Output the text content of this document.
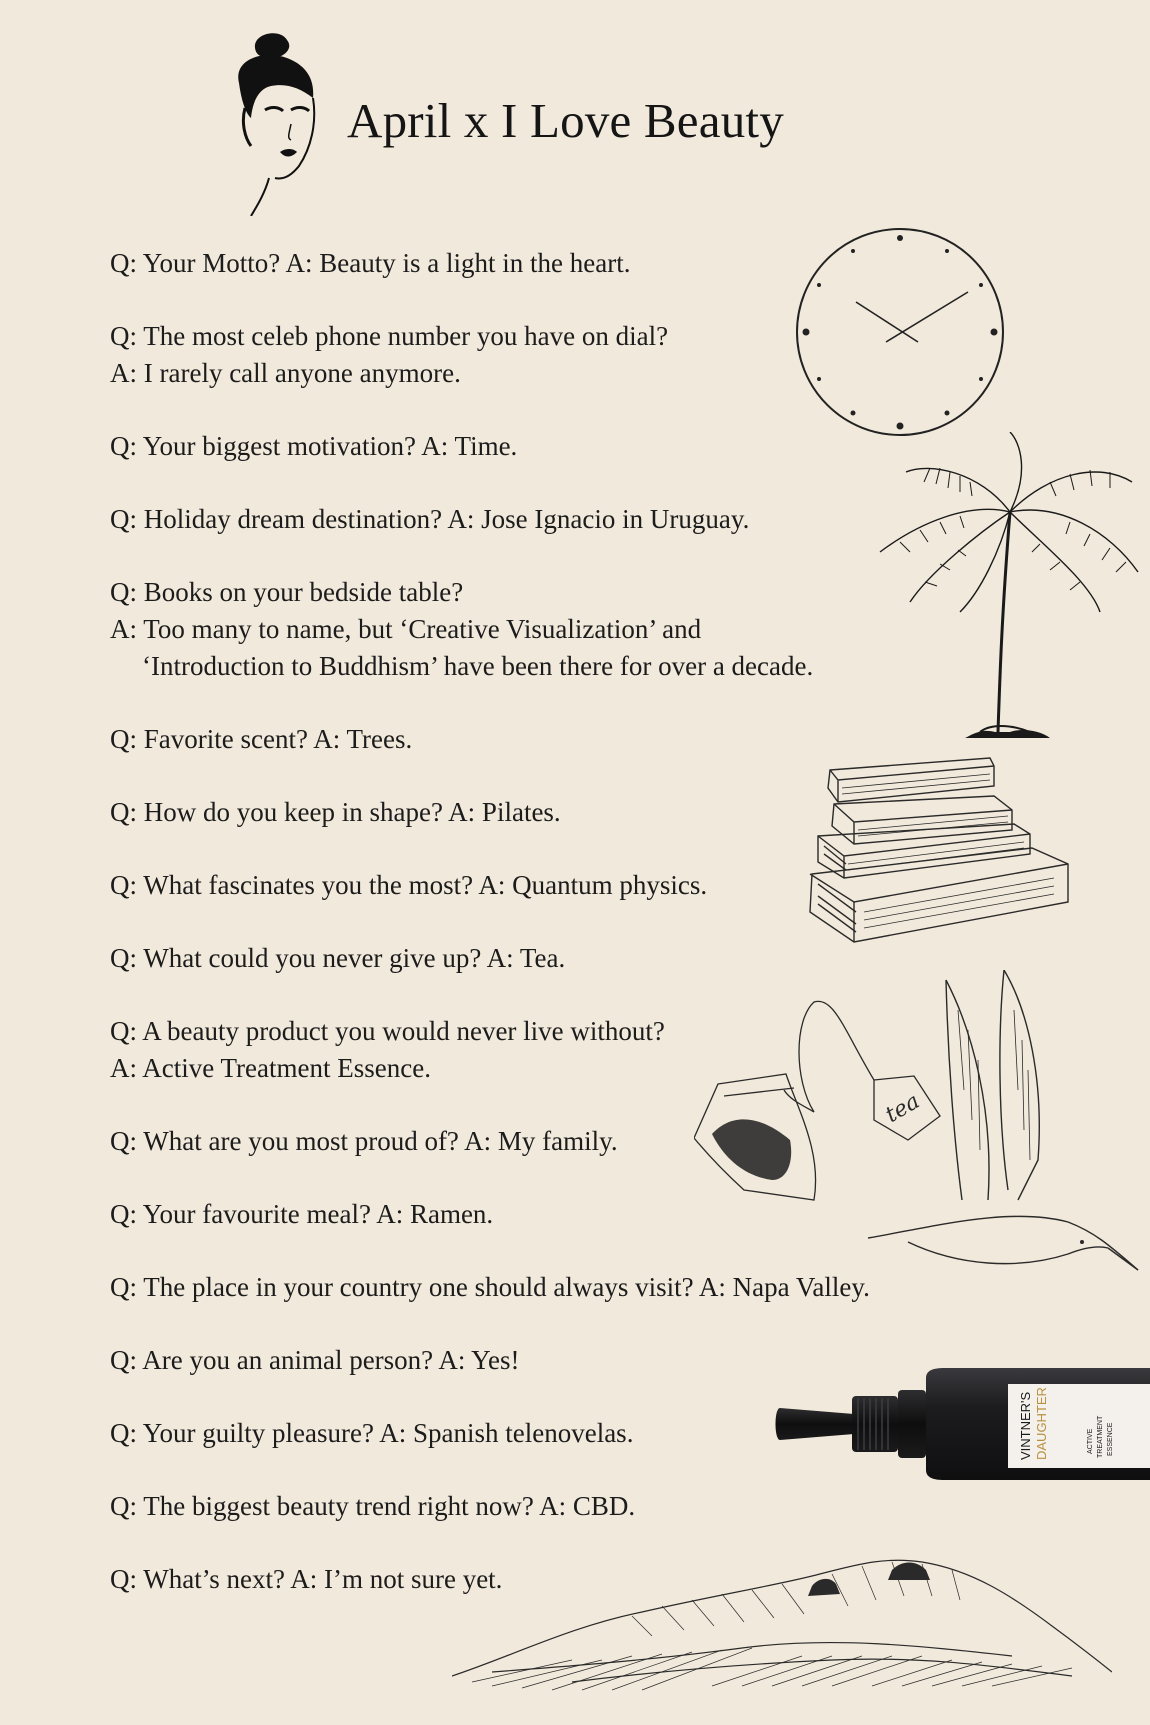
April x I Love Beauty
Q: Your Motto? A: Beauty is a light in the heart.
Q: The most celeb phone number you have on dial?
A: I rarely call anyone anymore.
Q: Your biggest motivation? A: Time.
Q: Holiday dream destination? A: Jose Ignacio in Uruguay.
Q: Books on your bedside table?
A: Too many to name, but ‘Creative Visualization’ and
‘Introduction to Buddhism’ have been there for over a decade.
Q: Favorite scent? A: Trees.
Q: How do you keep in shape? A: Pilates.
Q: What fascinates you the most? A: Quantum physics.
Q: What could you never give up? A: Tea.
Q: A beauty product you would never live without?
A: Active Treatment Essence.
Q: What are you most proud of? A: My family.
Q: Your favourite meal? A: Ramen.
Q: The place in your country one should always visit? A: Napa Valley.
Q: Are you an animal person? A: Yes!
Q: Your guilty pleasure? A: Spanish telenovelas.
Q: The biggest beauty trend right now? A: CBD.
Q: What’s next? A: I’m not sure yet.
tea
VINTNER'S DAUGHTER	ACTIVE TREATMENT ESSENCE
